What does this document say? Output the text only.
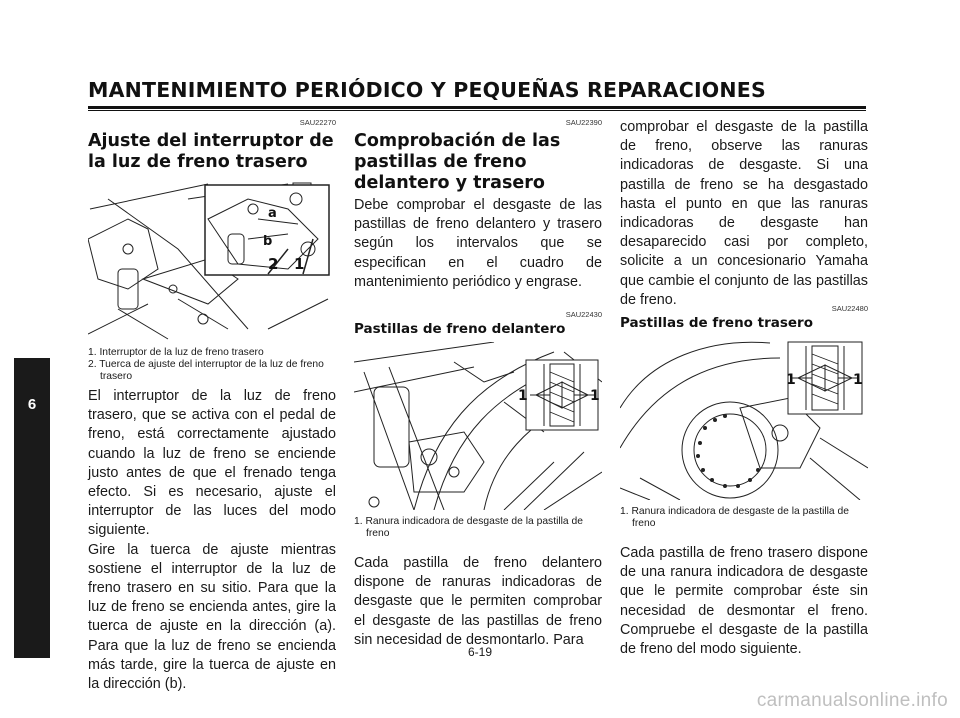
MANTENIMIENTO PERIÓDICO Y PEQUEÑAS REPARACIONES
6
SAU22270
Ajuste del interruptor de la luz de freno trasero
a
b
2 1
1. Interruptor de la luz de freno trasero
2. Tuerca de ajuste del interruptor de la luz de freno trasero
El interruptor de la luz de freno trasero, que se activa con el pedal de freno, está correctamente ajustado cuando la luz de freno se enciende justo antes de que el frenado tenga efecto. Si es necesario, ajuste el interruptor de las luces del modo siguiente.
Gire la tuerca de ajuste mientras sostiene el interruptor de la luz de freno trasero en su sitio. Para que la luz de freno se encienda antes, gire la tuerca de ajuste en la dirección (a). Para que la luz de freno se encienda más tarde, gire la tuerca de ajuste en la dirección (b).
SAU22390
Comprobación de las pastillas de freno delantero y trasero
Debe comprobar el desgaste de las pastillas de freno delantero y trasero según los intervalos que se especifican en el cuadro de mantenimiento periódico y engrase.
SAU22430
Pastillas de freno delantero
1	1
1. Ranura indicadora de desgaste de la pastilla de freno
Cada pastilla de freno delantero dispone de ranuras indicadoras de desgaste que le permiten comprobar el desgaste de las pastillas de freno sin necesidad de desmontarlo. Para
comprobar el desgaste de la pastilla de freno, observe las ranuras indicadoras de desgaste. Si una pastilla de freno se ha desgastado hasta el punto en que las ranuras indicadoras de desgaste han desaparecido casi por completo, solicite a un concesionario Yamaha que cambie el conjunto de las pastillas de freno.
SAU22480
Pastillas de freno trasero
1	1
1. Ranura indicadora de desgaste de la pastilla de freno
Cada pastilla de freno trasero dispone de una ranura indicadora de desgaste que le permite comprobar éste sin necesidad de desmontar el freno. Compruebe el desgaste de la pastilla de freno del modo siguiente.
6-19
carmanualsonline.info
